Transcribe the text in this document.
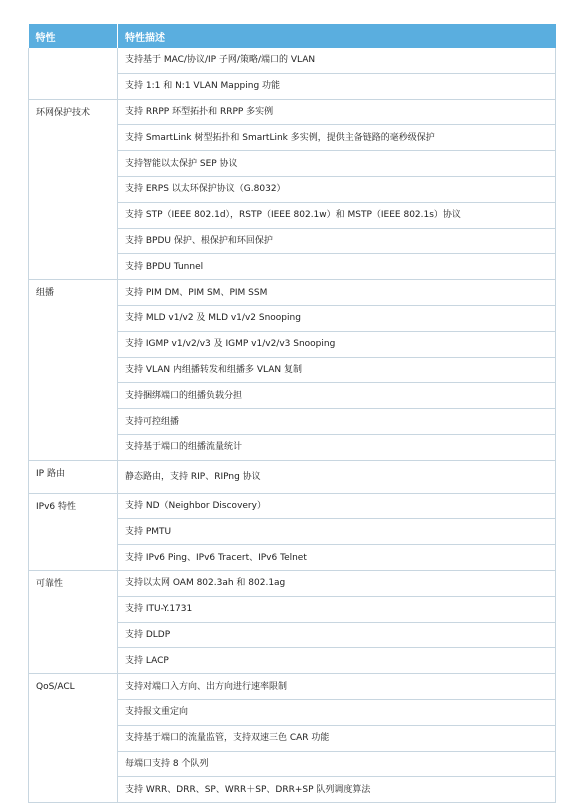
特性	特性描述
	支持基于 MAC/协议/IP 子网/策略/端口的 VLAN
	支持 1:1 和 N:1 VLAN Mapping 功能
环网保护技术	支持 RRPP 环型拓扑和 RRPP 多实例
	支持 SmartLink 树型拓扑和 SmartLink 多实例，提供主备链路的毫秒级保护
	支持智能以太保护 SEP 协议
	支持 ERPS 以太环保护协议（G.8032）
	支持 STP（IEEE 802.1d），RSTP（IEEE 802.1w）和 MSTP（IEEE 802.1s）协议
	支持 BPDU 保护、根保护和环回保护
	支持 BPDU Tunnel
组播	支持 PIM DM、PIM SM、PIM SSM
	支持 MLD v1/v2 及 MLD v1/v2 Snooping
	支持 IGMP v1/v2/v3 及 IGMP v1/v2/v3 Snooping
	支持 VLAN 内组播转发和组播多 VLAN 复制
	支持捆绑端口的组播负载分担
	支持可控组播
	支持基于端口的组播流量统计
IP 路由	静态路由，支持 RIP、RIPng 协议
IPv6 特性	支持 ND（Neighbor Discovery）
	支持 PMTU
	支持 IPv6 Ping、IPv6 Tracert、IPv6 Telnet
可靠性	支持以太网 OAM 802.3ah 和 802.1ag
	支持 ITU-Y.1731
	支持 DLDP
	支持 LACP
QoS/ACL	支持对端口入方向、出方向进行速率限制
	支持报文重定向
	支持基于端口的流量监管，支持双速三色 CAR 功能
	每端口支持 8 个队列
	支持 WRR、DRR、SP、WRR＋SP、DRR+SP 队列调度算法
